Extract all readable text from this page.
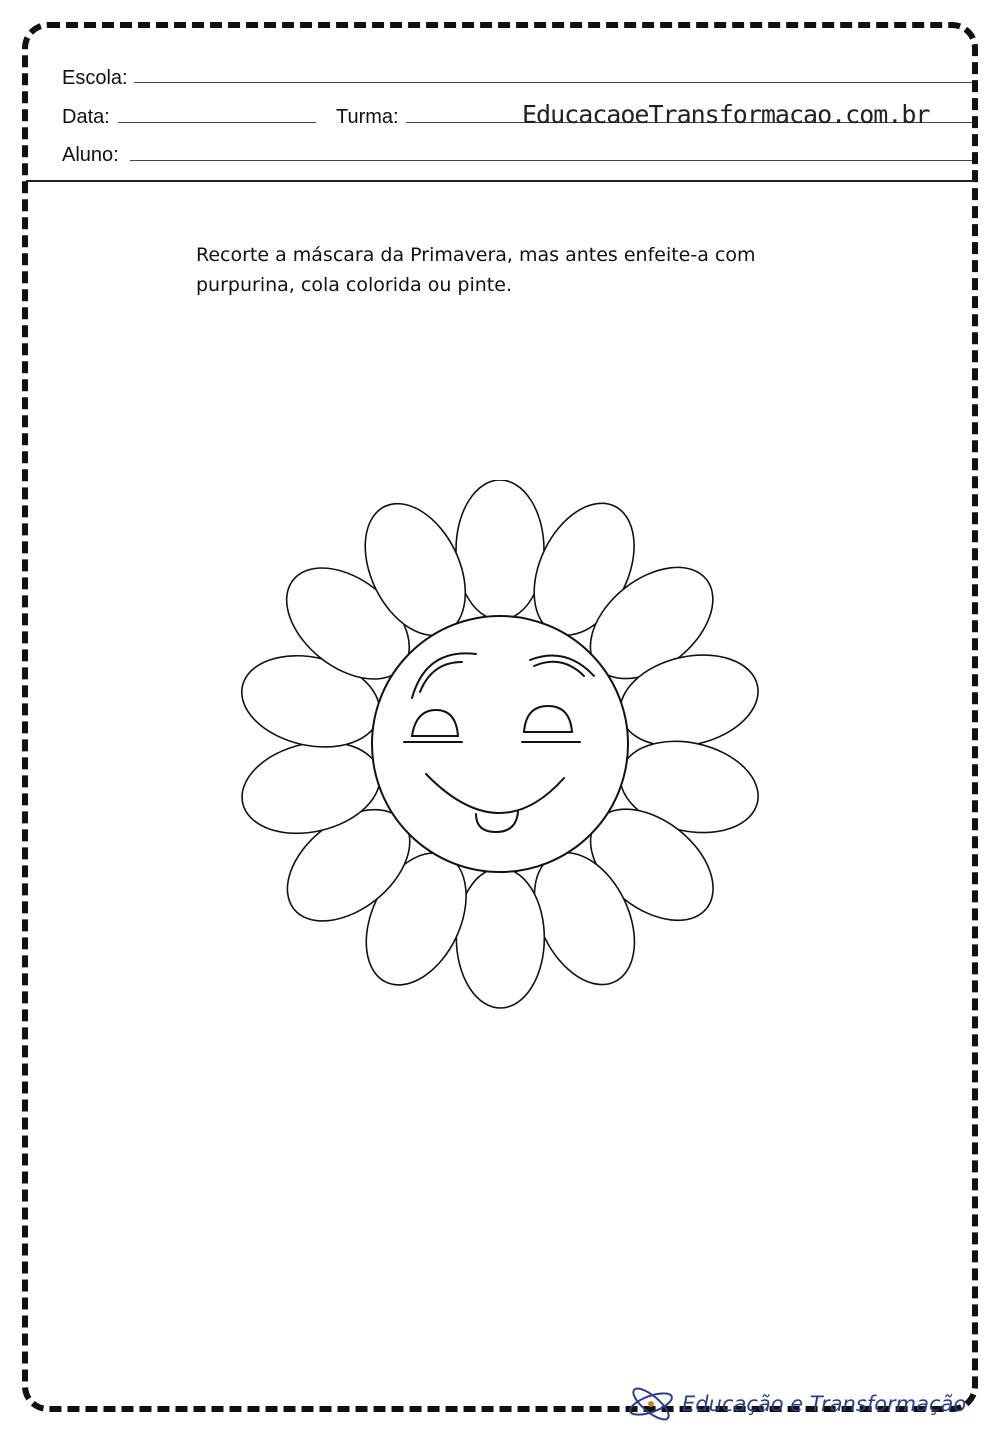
Escola:
Data:	Turma:	EducacaoeTransformacao.com.br
Aluno:
Recorte a máscara da Primavera, mas antes enfeite-a com
purpurina, cola colorida ou pinte.
Educação e Transformação
